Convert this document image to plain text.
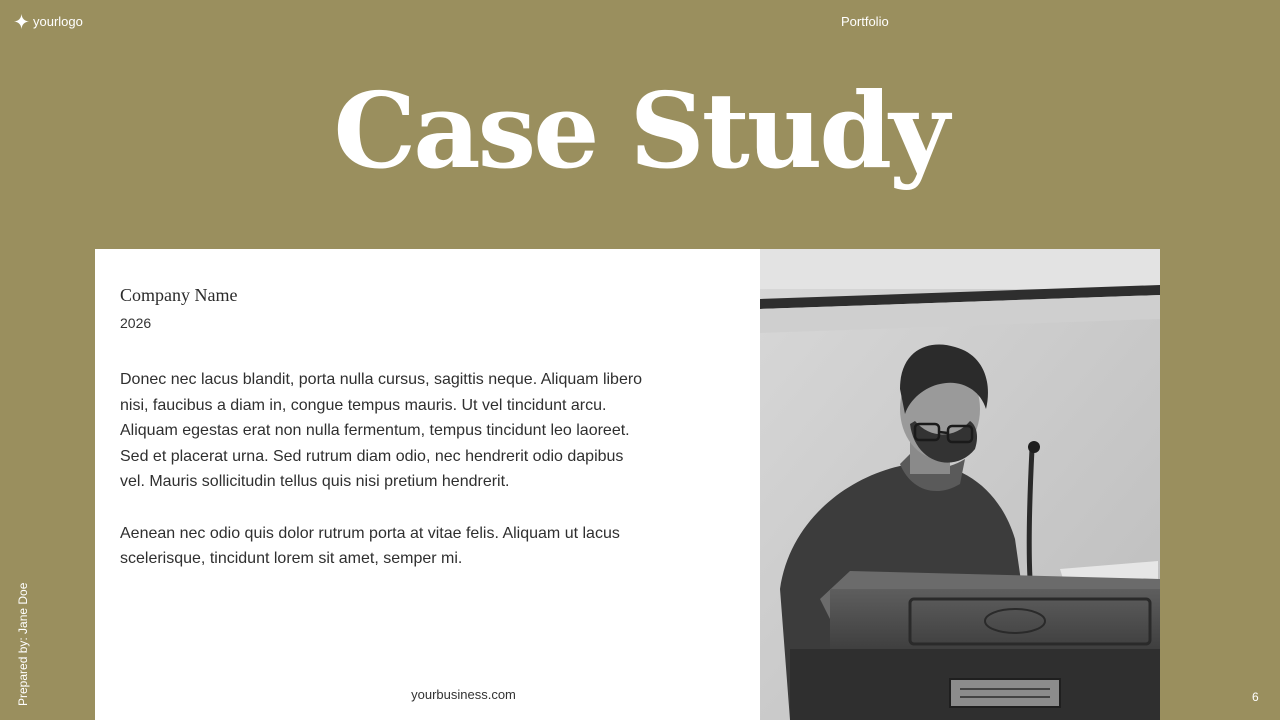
yourlogo	Portfolio
Case Study
Company Name
2026

Donec nec lacus blandit, porta nulla cursus, sagittis neque. Aliquam libero nisi, faucibus a diam in, congue tempus mauris. Ut vel tincidunt arcu. Aliquam egestas erat non nulla fermentum, tempus tincidunt leo laoreet. Sed et placerat urna. Sed rutrum diam odio, nec hendrerit odio dapibus vel. Mauris sollicitudin tellus quis nisi pretium hendrerit.

Aenean nec odio quis dolor rutrum porta at vitae felis. Aliquam ut lacus scelerisque, tincidunt lorem sit amet, semper mi.

yourbusiness.com
Prepared by: Jane Doe	6
